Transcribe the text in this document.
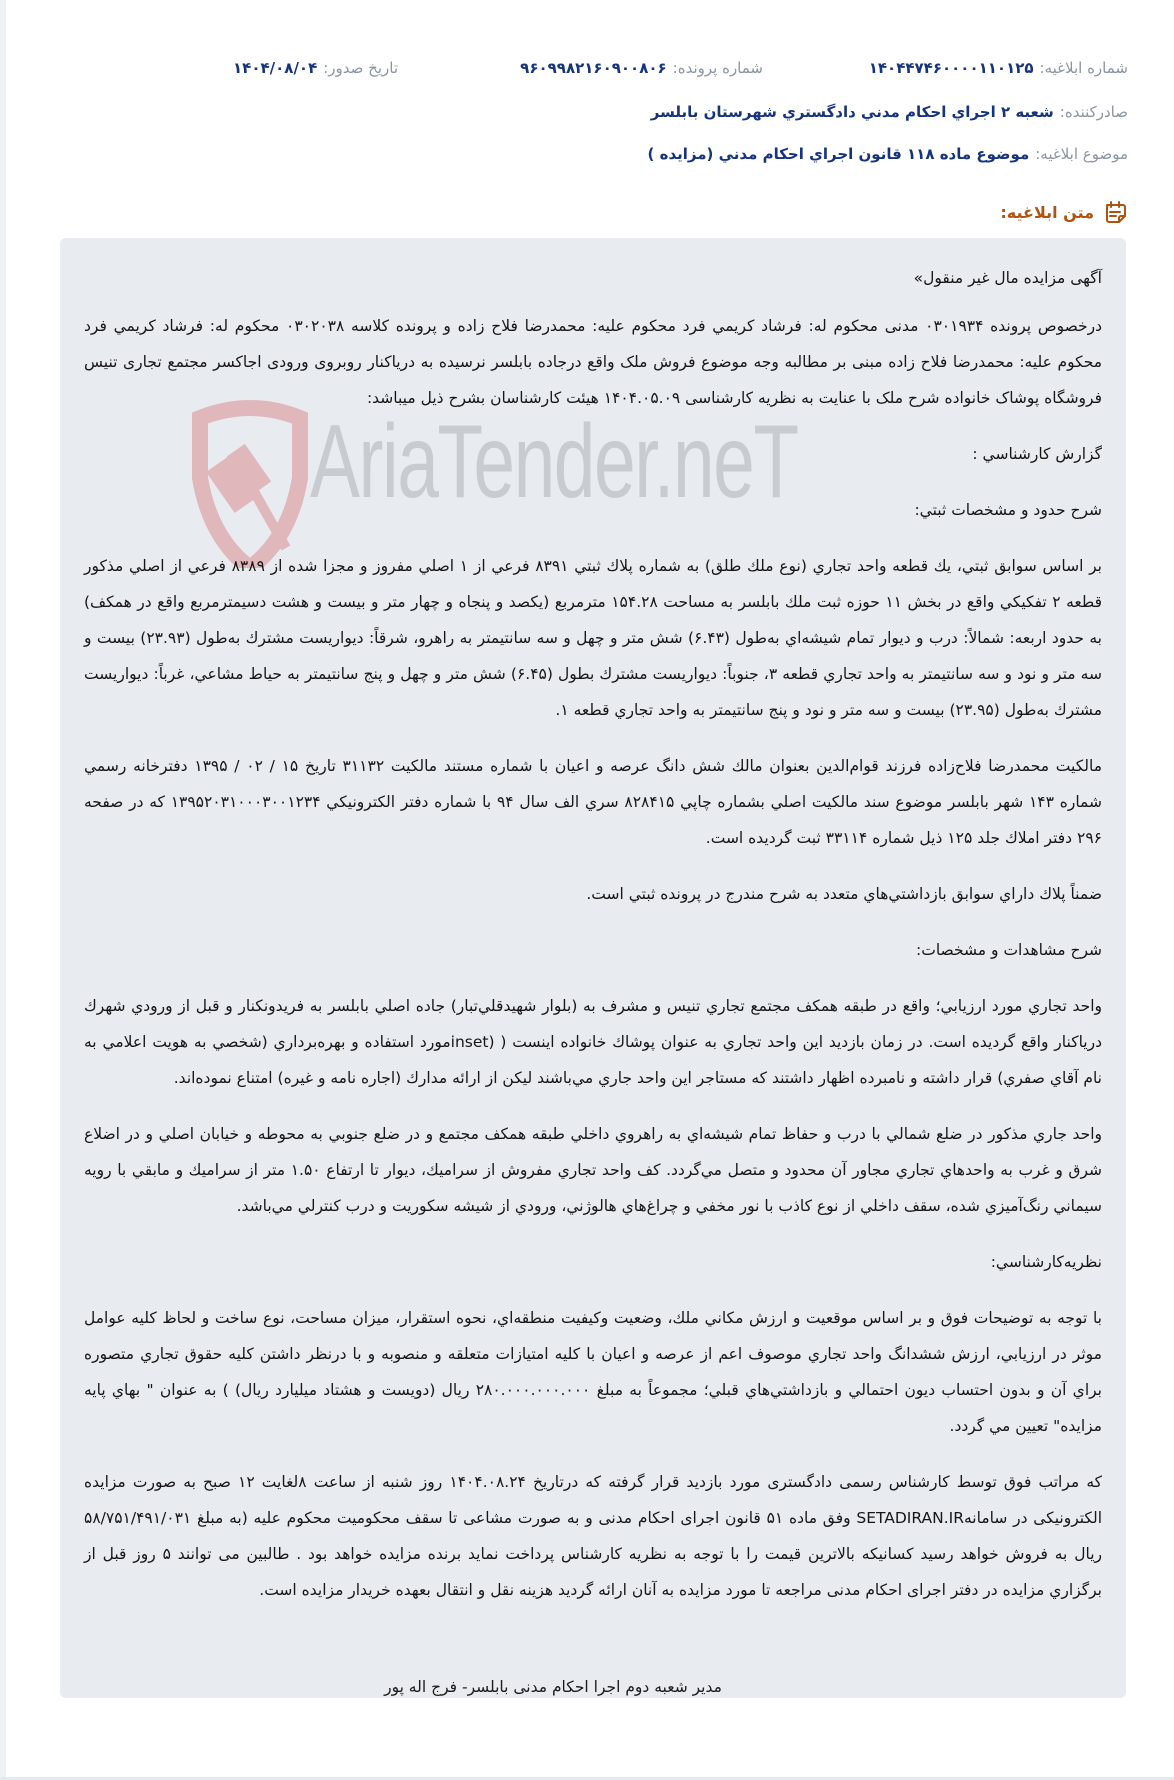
شماره ابلاغیه:
۱۴۰۴۴۷۴۶۰۰۰۰۱۱۰۱۲۵
شماره پرونده:
۹۶۰۹۹۸۲۱۶۰۹۰۰۸۰۶
تاریخ صدور:
۱۴۰۴/۰۸/۰۴
صادرکننده:
شعبه ۲ اجراي احکام مدني دادگستري شهرستان بابلسر
موضوع ابلاغیه:
موضوع ماده ۱۱۸ قانون اجراي احکام مدني (مزايده )
متن ابلاغیه:

آگهی مزایده مال غیر منقول»

درخصوص پرونده ۰۳۰۱۹۳۴ مدنی محکوم له: فرشاد کريمي فرد محکوم عليه: محمدرضا فلاح زاده و پرونده کلاسه ۰۳۰۲۰۳۸ محکوم له: فرشاد کريمي فرد محکوم عليه: محمدرضا فلاح زاده مبنی بر مطالبه وجه موضوع فروش ملک واقع درجاده بابلسر نرسیده به دریاکنار روبروی ورودی اجاکسر مجتمع تجاری تنیس فروشگاه پوشاک خانواده شرح ملک با عنایت به نظریه کارشناسی ۱۴۰۴.۰۵.۰۹ هیئت کارشناسان بشرح ذیل میباشد:

گزارش کارشناسي :

شرح حدود و مشخصات ثبتي:

بر اساس سوابق ثبتي، يك قطعه واحد تجاري (نوع ملك طلق) به شماره پلاك ثبتي ۸۳۹۱ فرعي از ۱ اصلي مفروز و مجزا شده از ۸۳۸۹ فرعي از اصلي مذكور قطعه ۲ تفكيكي واقع در بخش ۱۱ حوزه ثبت ملك بابلسر به مساحت ۱۵۴.۲۸ مترمربع (يكصد و پنجاه و چهار متر و بيست و هشت دسيمترمربع واقع در همكف) به حدود اربعه: شمالاً: درب و ديوار تمام شيشه‌اي به‌طول (۶.۴۳) شش متر و چهل و سه سانتيمتر به راهرو، شرقاً: ديواريست مشترك به‌طول (۲۳.۹۳) بيست و سه متر و نود و سه سانتيمتر به واحد تجاري قطعه ۳، جنوباً: ديواريست مشترك بطول (۶.۴۵) شش متر و چهل و پنج سانتيمتر به حياط مشاعي، غرباً: ديواريست مشترك به‌طول (۲۳.۹۵) بيست و سه متر و نود و پنج سانتيمتر به واحد تجاري قطعه ۱.

مالكيت محمدرضا فلاح‌زاده فرزند قوام‌الدين بعنوان مالك شش دانگ عرصه و اعيان با شماره مستند مالكيت ۳۱۱۳۲ تاريخ ۱۵ / ۰۲ / ۱۳۹۵ دفترخانه رسمي شماره ۱۴۳ شهر بابلسر موضوع سند مالكيت اصلي بشماره چاپي ۸۲۸۴۱۵ سري الف سال ۹۴ با شماره دفتر الكترونيكي ۱۳۹۵۲۰۳۱۰۰۰۳۰۰۱۲۳۴ كه در صفحه ۲۹۶ دفتر املاك جلد ۱۲۵ ذيل شماره ۳۳۱۱۴ ثبت گرديده است.

ضمناً پلاك داراي سوابق بازداشتي‌هاي متعدد به شرح مندرج در پرونده ثبتي است.

شرح مشاهدات و مشخصات:

واحد تجاري مورد ارزيابي؛ واقع در طبقه همكف مجتمع تجاري تنيس و مشرف به (بلوار شهيدقلي‌تبار) جاده اصلي بابلسر به فريدونكنار و قبل از ورودي شهرك درياكنار واقع گرديده است. در زمان بازديد اين واحد تجاري به عنوان پوشاك خانواده اينست ( (insetمورد استفاده و بهره‌برداري (شخصي به هويت اعلامي به نام آقاي صفري) قرار داشته و نامبرده اظهار داشتند كه مستاجر اين واحد جاري مي‌باشند ليكن از ارائه مدارك (اجاره نامه و غيره) امتناع نموده‌اند.

واحد جاري مذكور در ضلع شمالي با درب و حفاظ تمام شيشه‌اي به راهروي داخلي طبقه همكف مجتمع و در ضلع جنوبي به محوطه و خيابان اصلي و در اضلاع شرق و غرب به واحدهاي تجاري مجاور آن محدود و متصل مي‌گردد. كف واحد تجاري مفروش از سراميك، ديوار تا ارتفاع ۱.۵۰ متر از سراميك و مابقي با رويه سيماني رنگ‌آميزي شده، سقف داخلي از نوع كاذب با نور مخفي و چراغ‌هاي هالوژني، ورودي از شيشه سكوريت و درب كنترلي مي‌باشد.

نظريه‌كارشناسي:

با توجه به توضيحات فوق و بر اساس موقعيت و ارزش مكاني ملك، وضعيت وكيفيت منطقه‌اي، نحوه استقرار، ميزان مساحت، نوع ساخت و لحاظ كليه عوامل موثر در ارزيابي، ارزش ششدانگ واحد تجاري موصوف اعم از عرصه و اعيان با كليه امتيازات متعلقه و منصوبه و با درنظر داشتن كليه حقوق تجاري متصوره براي آن و بدون احتساب ديون احتمالي و بازداشتي‌هاي قبلي؛ مجموعاً به مبلغ ۲۸۰.۰۰۰.۰۰۰.۰۰۰ ريال (دويست و هشتاد ميليارد ريال) ) به عنوان " بهاي پايه مزايده" تعيين مي گردد.

که مراتب فوق توسط کارشناس رسمی دادگستری مورد بازدید قرار گرفته که درتاریخ ۱۴۰۴.۰۸.۲۴ روز شنبه از ساعت ۸لغایت ۱۲ صبح به صورت مزایده الکترونیکی در سامانهSETADIRAN.IR وفق ماده ۵۱ قانون اجرای احکام مدنی و به صورت مشاعی تا سقف محکومیت محکوم علیه (به مبلغ ۵۸/۷۵۱/۴۹۱/۰۳۱ ریال به فروش خواهد رسید کسانیکه بالاترین قیمت را با توجه به نظریه کارشناس پرداخت نماید برنده مزایده خواهد بود . طالبین می توانند ۵ روز قبل از برگزاري مزايده در دفتر اجرای احکام مدنی مراجعه تا مورد مزایده به آنان ارائه گردید هزینه نقل و انتقال بعهده خریدار مزایده است.

مدير شعبه دوم اجرا احكام مدنی بابلسر- فرج اله پور
AriaTender.neT
